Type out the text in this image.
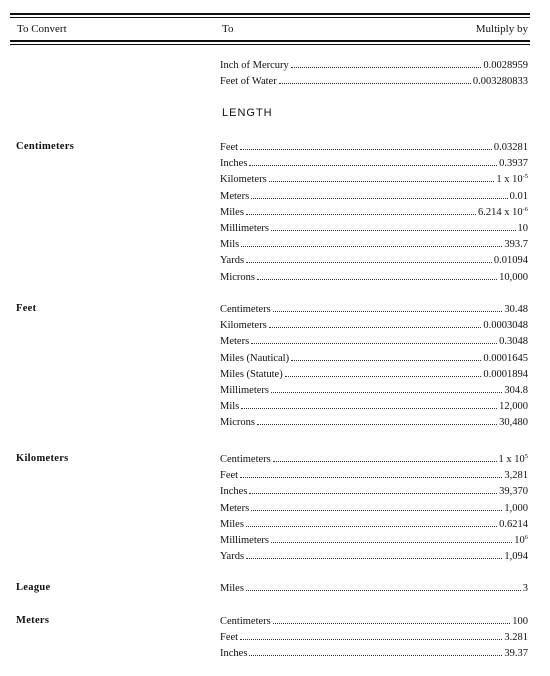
To Convert	To	Multiply by
Inch of Mercury	0.0028959
Feet of Water	0.003280833
LENGTH
Centimeters	Feet	0.03281
Inches	0.3937
Kilometers	1 x $10^{-5}$
Meters	0.01
Miles	6.214 x $10^{-6}$
Millimeters	10
Mils	393.7
Yards	0.01094
Microns	10,000
Feet	Centimeters	30.48
Kilometers	0.0003048
Meters	0.3048
Miles (Nautical)	0.0001645
Miles (Statute)	0.0001894
Millimeters	304.8
Mils	12,000
Microns	30,480
Kilometers	Centimeters	1 x $10^5$
Feet	3,281
Inches	39,370
Meters	1,000
Miles	0.6214
Millimeters	$10^6$
Yards	1,094
League	Miles	3
Meters	Centimeters	100
Feet	3.281
Inches	39.37
